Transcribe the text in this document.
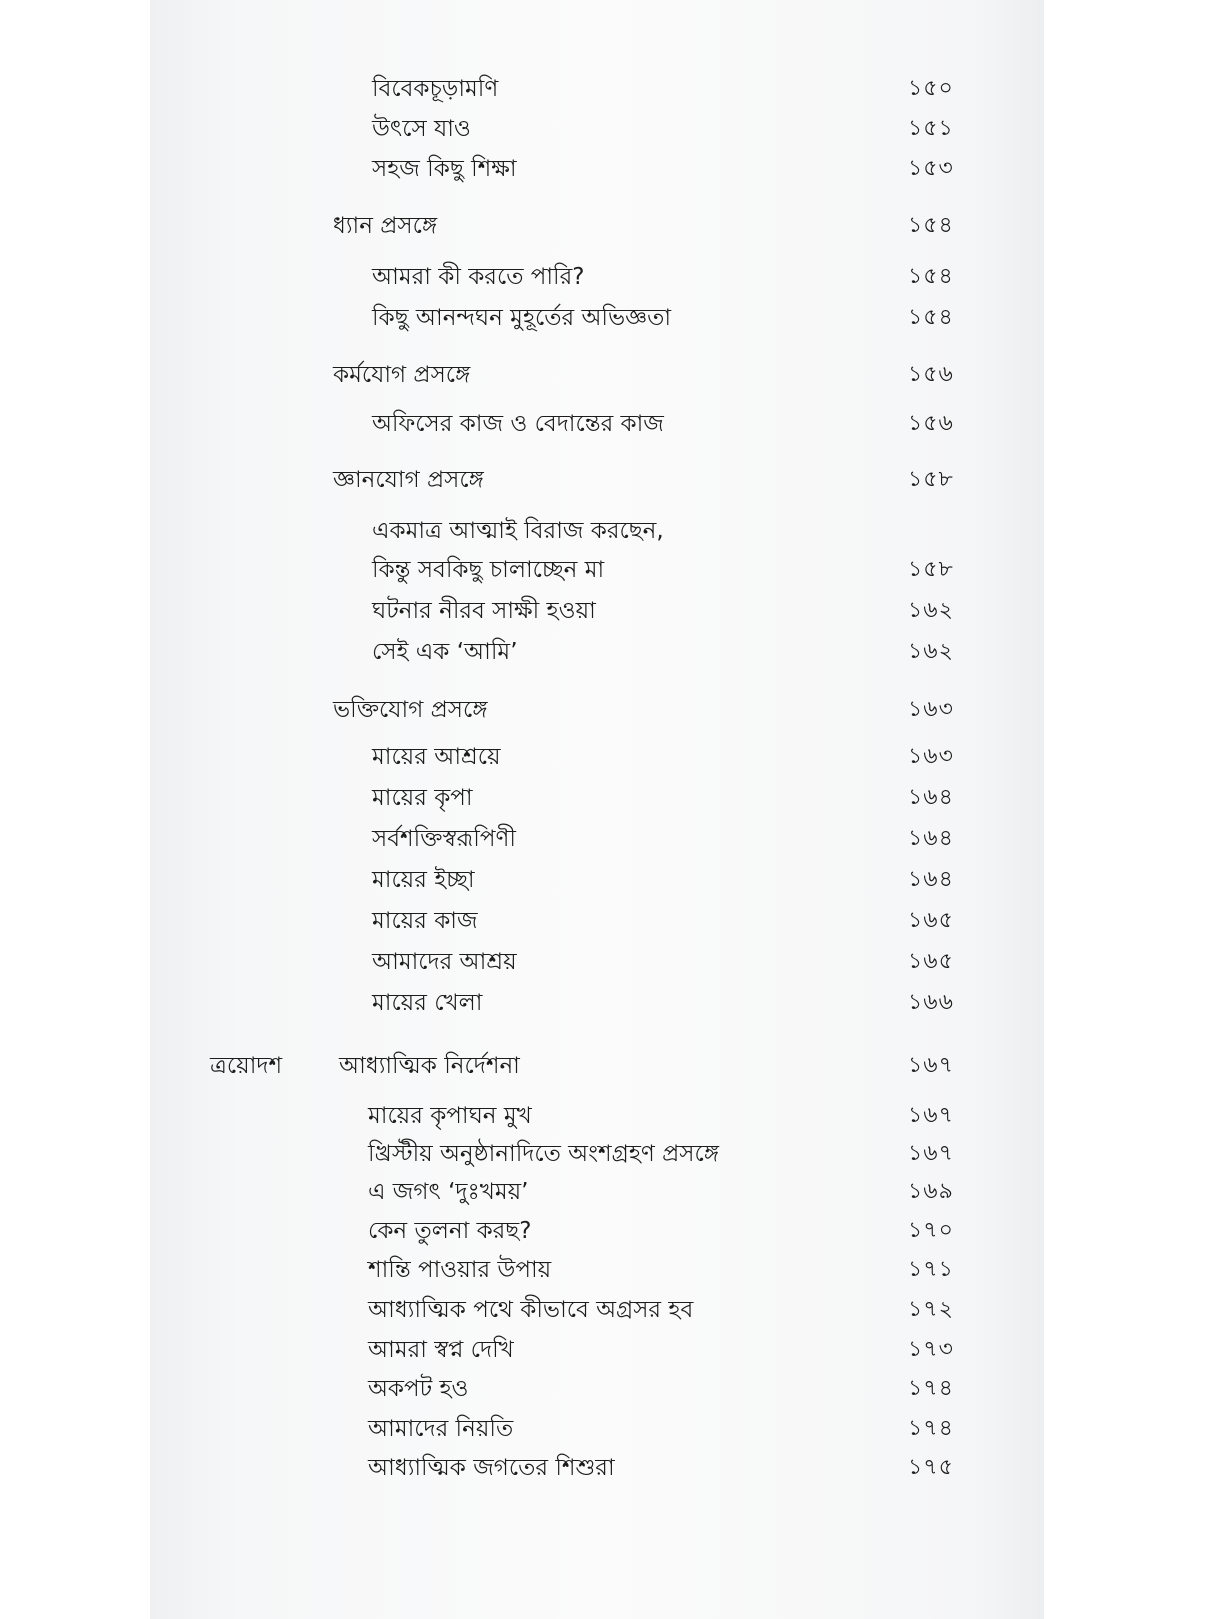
বিবেকচূড়ামণি	১৫০
উৎসে যাও	১৫১
সহজ কিছু শিক্ষা	১৫৩
ধ্যান প্রসঙ্গে	১৫৪
আমরা কী করতে পারি?	১৫৪
কিছু আনন্দঘন মুহূর্তের অভিজ্ঞতা	১৫৪
কর্মযোগ প্রসঙ্গে	১৫৬
অফিসের কাজ ও বেদান্তের কাজ	১৫৬
জ্ঞানযোগ প্রসঙ্গে	১৫৮
একমাত্র আত্মাই বিরাজ করছেন,
কিন্তু সবকিছু চালাচ্ছেন মা	১৫৮
ঘটনার নীরব সাক্ষী হওয়া	১৬২
সেই এক ‘আমি’	১৬২
ভক্তিযোগ প্রসঙ্গে	১৬৩
মায়ের আশ্রয়ে	১৬৩
মায়ের কৃপা	১৬৪
সর্বশক্তিস্বরূপিণী	১৬৪
মায়ের ইচ্ছা	১৬৪
মায়ের কাজ	১৬৫
আমাদের আশ্রয়	১৬৫
মায়ের খেলা	১৬৬
ত্রয়োদশ আধ্যাত্মিক নির্দেশনা	১৬৭
মায়ের কৃপাঘন মুখ	১৬৭
খ্রিস্টীয় অনুষ্ঠানাদিতে অংশগ্রহণ প্রসঙ্গে	১৬৭
এ জগৎ ‘দুঃখময়’	১৬৯
কেন তুলনা করছ?	১৭০
শান্তি পাওয়ার উপায়	১৭১
আধ্যাত্মিক পথে কীভাবে অগ্রসর হব	১৭২
আমরা স্বপ্ন দেখি	১৭৩
অকপট হও	১৭৪
আমাদের নিয়তি	১৭৪
আধ্যাত্মিক জগতের শিশুরা	১৭৫
